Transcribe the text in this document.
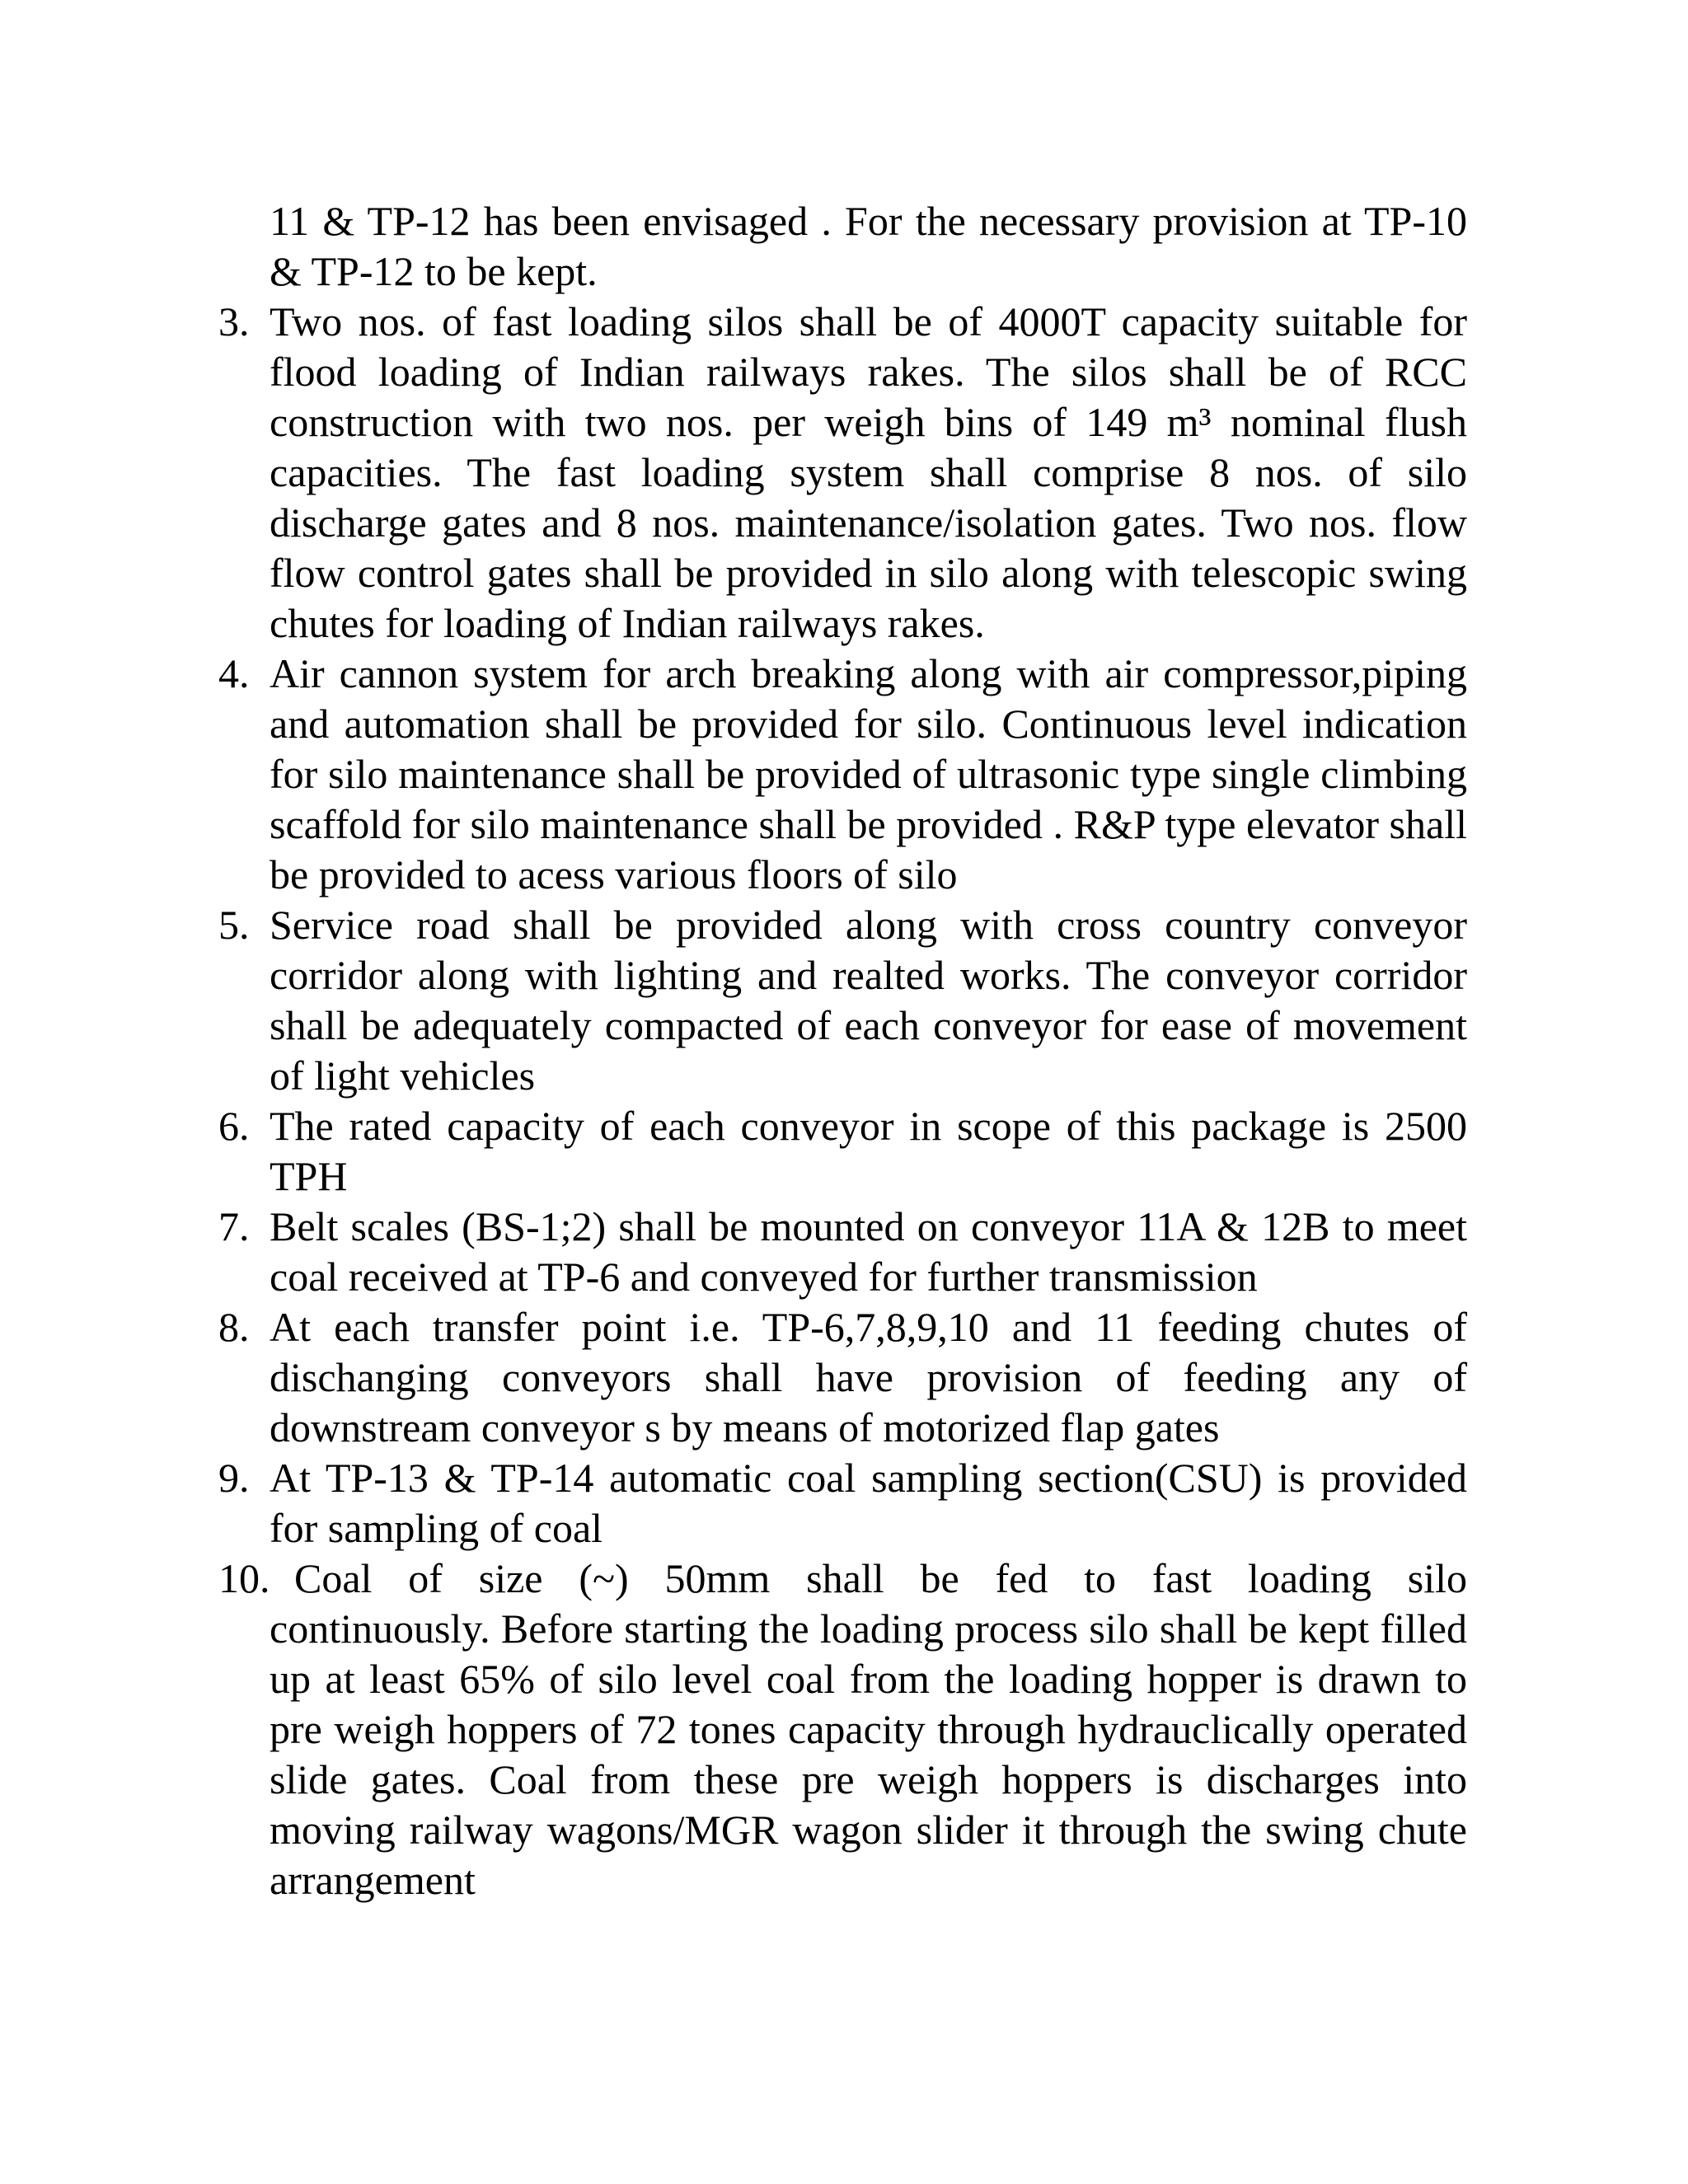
11 & TP-12 has been envisaged . For the necessary provision at TP-10 & TP-12 to be kept.

3. Two nos. of fast loading silos shall be of 4000T capacity suitable for flood loading of Indian railways rakes. The silos shall be of RCC construction with two nos. per weigh bins of 149 m³ nominal flush capacities. The fast loading system shall comprise 8 nos. of silo discharge gates and 8 nos. maintenance/isolation gates. Two nos. flow flow control gates shall be provided in silo along with telescopic swing chutes for loading of Indian railways rakes.
4. Air cannon system for arch breaking along with air compressor,piping and automation shall be provided for silo. Continuous level indication for silo maintenance shall be provided of ultrasonic type single climbing scaffold for silo maintenance shall be provided . R&P type elevator shall be provided to acess various floors of silo
5. Service road shall be provided along with cross country conveyor corridor along with lighting and realted works. The conveyor corridor shall be adequately compacted of each conveyor for ease of movement of light vehicles
6. The rated capacity of each conveyor in scope of this package is 2500 TPH
7. Belt scales (BS-1;2) shall be mounted on conveyor 11A & 12B to meet coal received at TP-6 and conveyed for further transmission
8. At each transfer point i.e. TP-6,7,8,9,10 and 11 feeding chutes of dischanging conveyors shall have provision of feeding any of downstream conveyor s by means of motorized flap gates
9. At TP-13 & TP-14 automatic coal sampling section(CSU) is provided for sampling of coal
10. Coal of size (~) 50mm shall be fed to fast loading silo
continuously. Before starting the loading process silo shall be kept filled up at least 65% of silo level coal from the loading hopper is drawn to pre weigh hoppers of 72 tones capacity through hydrauclically operated slide gates. Coal from these pre weigh hoppers is discharges into moving railway wagons/MGR wagon slider it through the swing chute arrangement
